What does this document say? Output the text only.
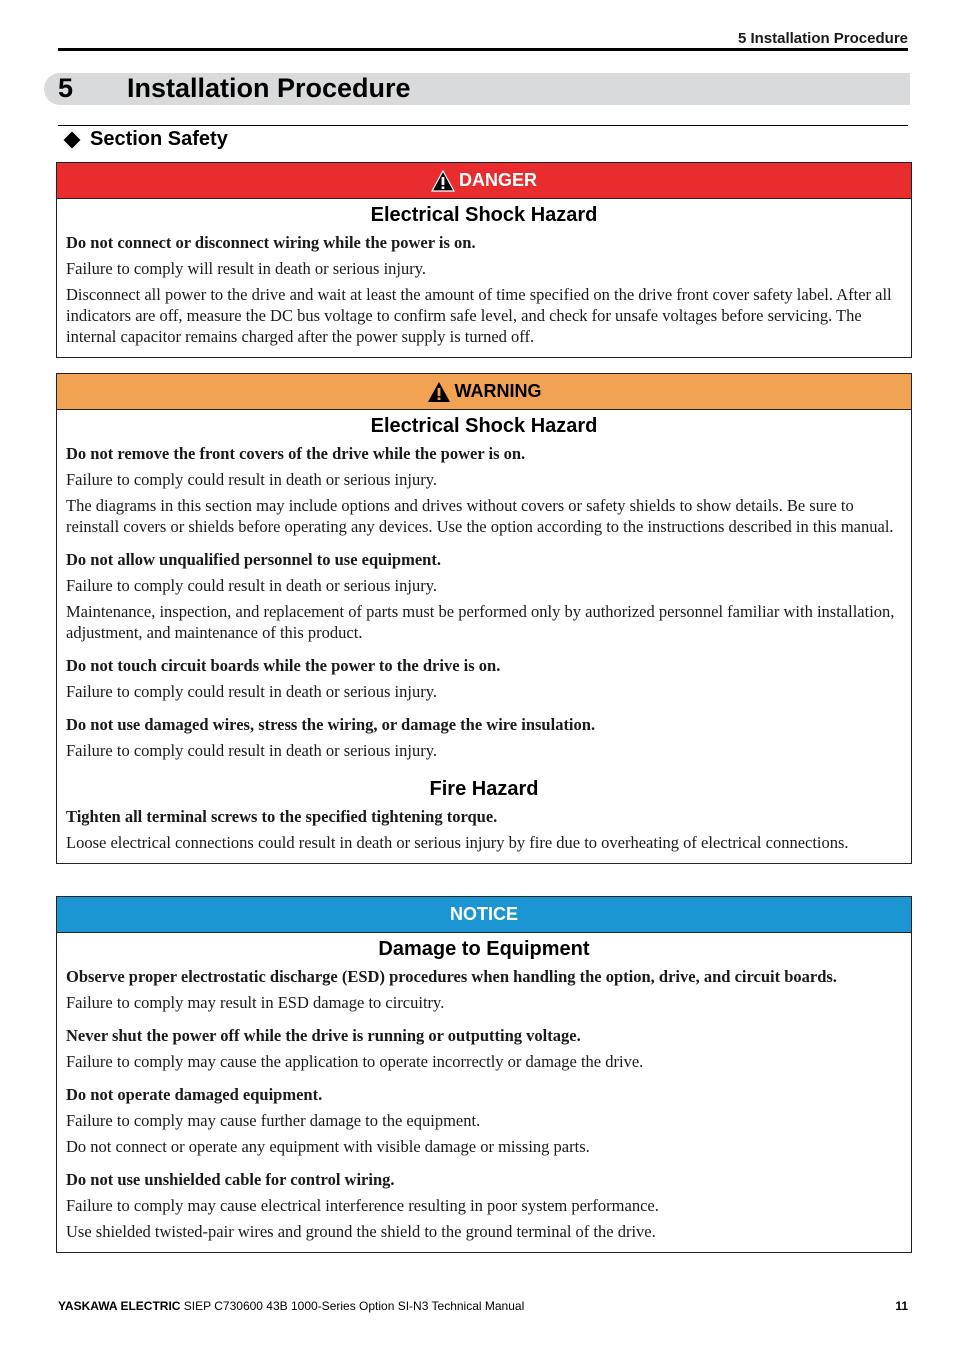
5 Installation Procedure
5 Installation Procedure
Section Safety
DANGER
Electrical Shock Hazard
Do not connect or disconnect wiring while the power is on.
Failure to comply will result in death or serious injury.
Disconnect all power to the drive and wait at least the amount of time specified on the drive front cover safety label. After all indicators are off, measure the DC bus voltage to confirm safe level, and check for unsafe voltages before servicing. The internal capacitor remains charged after the power supply is turned off.
WARNING
Electrical Shock Hazard
Do not remove the front covers of the drive while the power is on.
Failure to comply could result in death or serious injury.
The diagrams in this section may include options and drives without covers or safety shields to show details. Be sure to reinstall covers or shields before operating any devices. Use the option according to the instructions described in this manual.
Do not allow unqualified personnel to use equipment.
Failure to comply could result in death or serious injury.
Maintenance, inspection, and replacement of parts must be performed only by authorized personnel familiar with installation, adjustment, and maintenance of this product.
Do not touch circuit boards while the power to the drive is on.
Failure to comply could result in death or serious injury.
Do not use damaged wires, stress the wiring, or damage the wire insulation.
Failure to comply could result in death or serious injury.
Fire Hazard
Tighten all terminal screws to the specified tightening torque.
Loose electrical connections could result in death or serious injury by fire due to overheating of electrical connections.
NOTICE
Damage to Equipment
Observe proper electrostatic discharge (ESD) procedures when handling the option, drive, and circuit boards.
Failure to comply may result in ESD damage to circuitry.
Never shut the power off while the drive is running or outputting voltage.
Failure to comply may cause the application to operate incorrectly or damage the drive.
Do not operate damaged equipment.
Failure to comply may cause further damage to the equipment.
Do not connect or operate any equipment with visible damage or missing parts.
Do not use unshielded cable for control wiring.
Failure to comply may cause electrical interference resulting in poor system performance.
Use shielded twisted-pair wires and ground the shield to the ground terminal of the drive.
YASKAWA ELECTRIC SIEP C730600 43B 1000-Series Option SI-N3 Technical Manual	11
